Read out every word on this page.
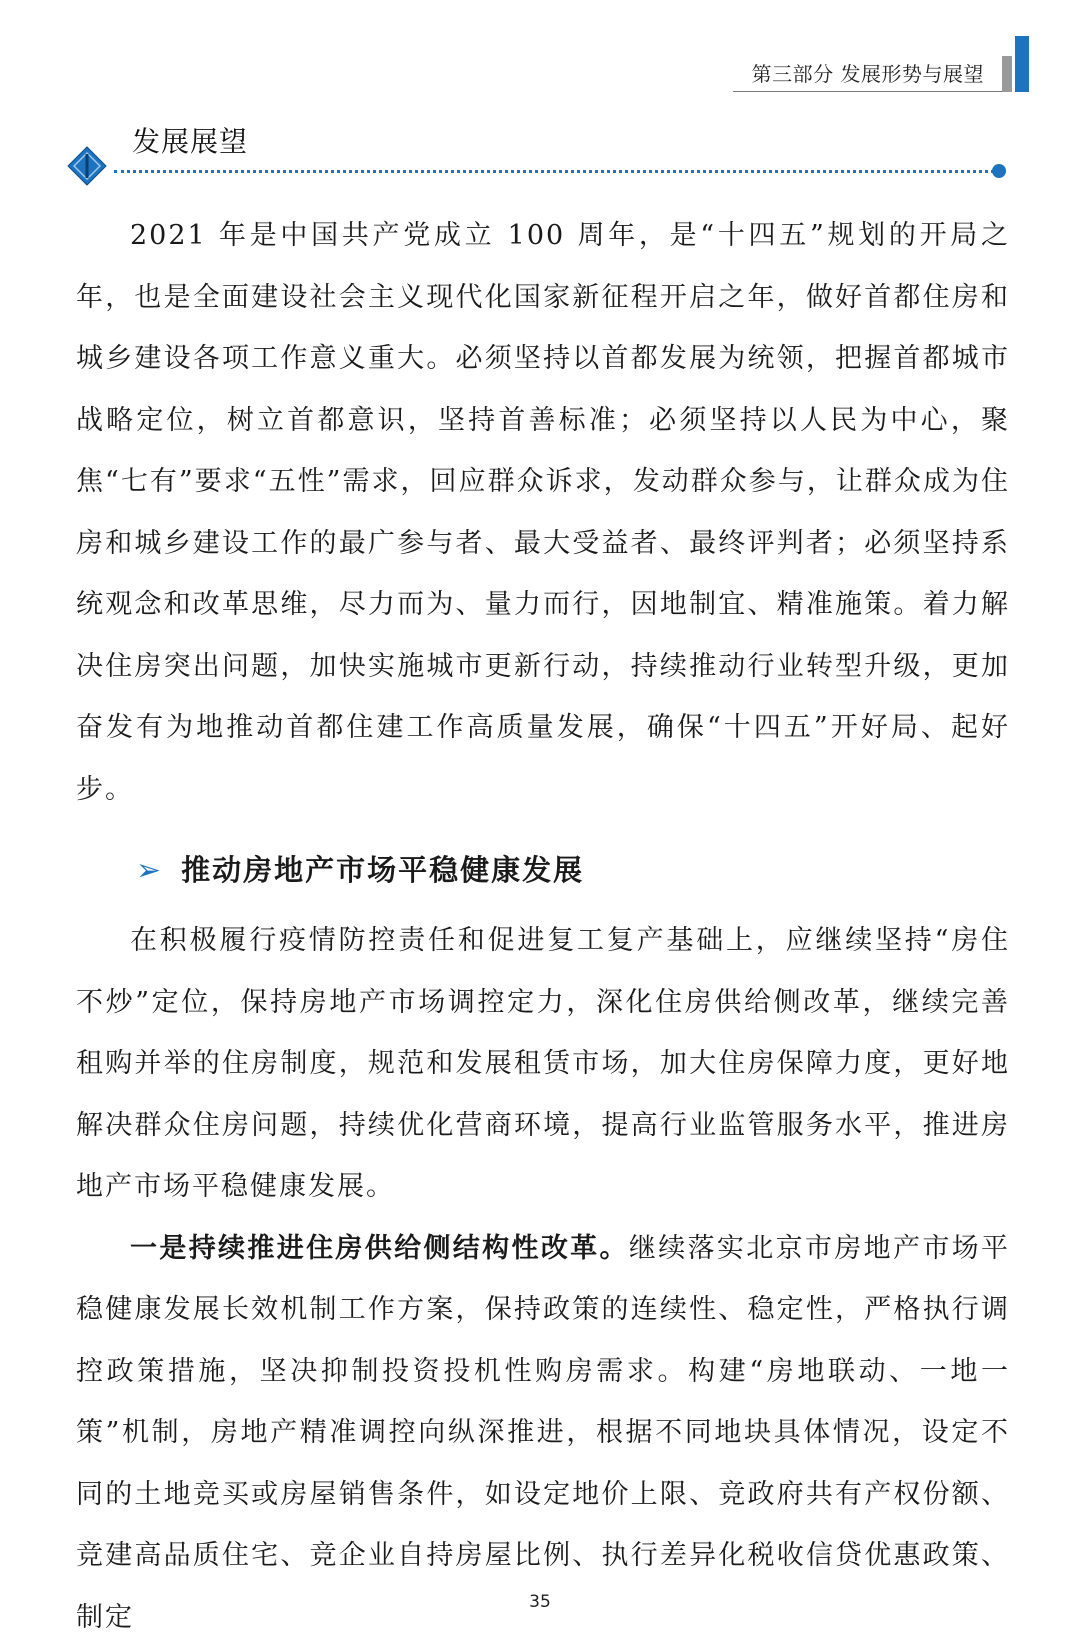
第三部分 发展形势与展望
发展展望

2021 年是中国共产党成立 100 周年，是“十四五”规划的开局之年，也是全面建设社会主义现代化国家新征程开启之年，做好首都住房和城乡建设各项工作意义重大。必须坚持以首都发展为统领，把握首都城市战略定位，树立首都意识，坚持首善标准；必须坚持以人民为中心，聚焦“七有”要求“五性”需求，回应群众诉求，发动群众参与，让群众成为住房和城乡建设工作的最广参与者、最大受益者、最终评判者；必须坚持系统观念和改革思维，尽力而为、量力而行，因地制宜、精准施策。着力解决住房突出问题，加快实施城市更新行动，持续推动行业转型升级，更加奋发有为地推动首都住建工作高质量发展，确保“十四五”开好局、起好步。

➢ 推动房地产市场平稳健康发展

在积极履行疫情防控责任和促进复工复产基础上，应继续坚持“房住不炒”定位，保持房地产市场调控定力，深化住房供给侧改革，继续完善租购并举的住房制度，规范和发展租赁市场，加大住房保障力度，更好地解决群众住房问题，持续优化营商环境，提高行业监管服务水平，推进房地产市场平稳健康发展。

一是持续推进住房供给侧结构性改革。继续落实北京市房地产市场平稳健康发展长效机制工作方案，保持政策的连续性、稳定性，严格执行调控政策措施，坚决抑制投资投机性购房需求。构建“房地联动、一地一策”机制，房地产精准调控向纵深推进，根据不同地块具体情况，设定不同的土地竞买或房屋销售条件，如设定地价上限、竞政府共有产权份额、竞建高品质住宅、竞企业自持房屋比例、执行差异化税收信贷优惠政策、制定	35
